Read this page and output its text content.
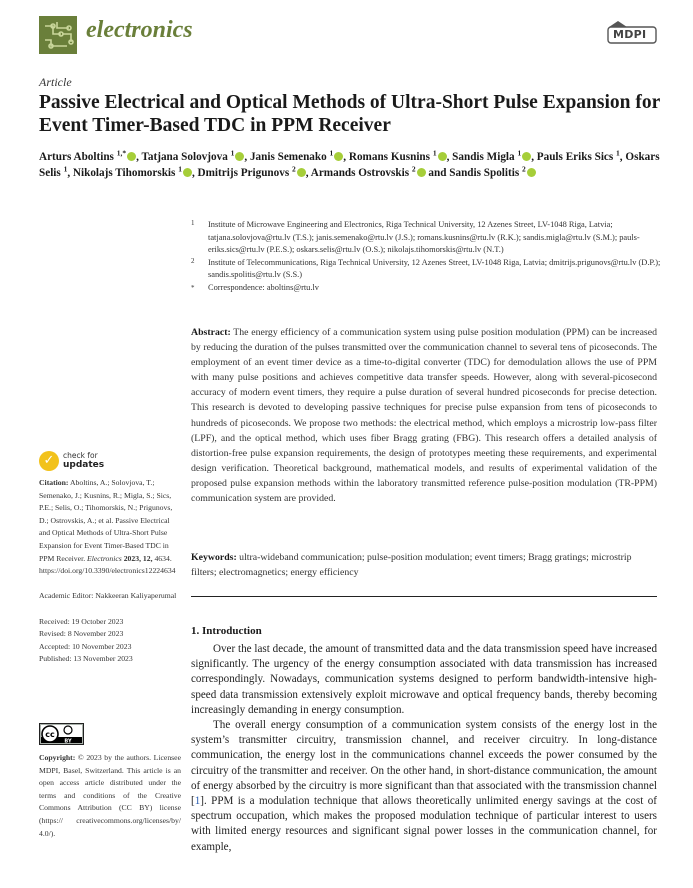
electronics	MDPI
Article
Passive Electrical and Optical Methods of Ultra-Short Pulse Expansion for Event Timer-Based TDC in PPM Receiver
Arturs Aboltins $^{1,*}$ , Tatjana Solovjova $^1$ , Janis Semenako $^1$ , Romans Kusnins $^1$ , Sandis Migla $^1$ , Pauls Eriks Sics $^1$, Oskars Selis $^1$, Nikolajs Tihomorskis $^1$ , Dmitrijs Prigunovs $^2$ , Armands Ostrovskis $^2$ and Sandis Spolitis $^2$
1 Institute of Microwave Engineering and Electronics, Riga Technical University, 12 Azenes Street, LV-1048 Riga, Latvia; tatjana.solovjova@rtu.lv (T.S.); janis.semenako@rtu.lv (J.S.); romans.kusnins@rtu.lv (R.K.); sandis.migla@rtu.lv (S.M.); pauls-eriks.sics@rtu.lv (P.E.S.); oskars.selis@rtu.lv (O.S.); nikolajs.tihomorskis@rtu.lv (N.T.)
2 Institute of Telecommunications, Riga Technical University, 12 Azenes Street, LV-1048 Riga, Latvia; dmitrijs.prigunovs@rtu.lv (D.P.); sandis.spolitis@rtu.lv (S.S.)
* Correspondence: aboltins@rtu.lv
Abstract: The energy efficiency of a communication system using pulse position modulation (PPM) can be increased by reducing the duration of the pulses transmitted over the communication channel to several tens of picoseconds. The employment of an event timer device as a time-to-digital converter (TDC) for demodulation allows the use of PPM with many pulse positions and achieves competitive data transfer speeds. However, along with several-picosecond accuracy of modern event timers, they require a pulse duration of several hundred picoseconds for precise detection. This research is devoted to developing passive techniques for precise pulse expansion from tens of picoseconds to hundreds of picoseconds. We propose two methods: the electrical method, which employs a microstrip low-pass filter (LPF), and the optical method, which uses fiber Bragg grating (FBG). This research offers a detailed analysis of distortion-free pulse expansion requirements, the design of prototypes meeting these requirements, and experimental design verification. Theoretical background, mathematical models, and results of experimental validation of the proposed pulse expansion methods within the laboratory transmitted reference pulse-position modulation (TR-PPM) communication system are provided.
Keywords: ultra-wideband communication; pulse-position modulation; event timers; Bragg gratings; microstrip filters; electromagnetics; energy efficiency
✓	check for
updates

Citation: Aboltins, A.; Solovjova, T.; Semenako, J.; Kusnins, R.; Migla, S.; Sics, P.E.; Selis, O.; Tihomorskis, N.; Prigunovs, D.; Ostrovskis, A.; et al. Passive Electrical and Optical Methods of Ultra-Short Pulse Expansion for Event Timer-Based TDC in PPM Receiver. Electronics 2023, 12, 4634. https://doi.org/10.3390/electronics12224634

Academic Editor: Nakkeeran Kaliyaperumal

Received: 19 October 2023

Revised: 8 November 2023

Accepted: 10 November 2023

Published: 13 November 2023

cc
BY
Copyright: © 2023 by the authors. Licensee MDPI, Basel, Switzerland. This article is an open access article distributed under the terms and conditions of the Creative Commons Attribution (CC BY) license (https:// creativecommons.org/licenses/by/ 4.0/).
1. Introduction

Over the last decade, the amount of transmitted data and the data transmission speed have increased significantly. The urgency of the energy consumption associated with data transmission has increased correspondingly. Nowadays, communication systems designed to perform bandwidth-intensive high-speed data transmission extensively exploit microwave and optical frequency bands, thereby becoming increasingly demanding in energy consumption.

The overall energy consumption of a communication system consists of the energy lost in the system’s transmitter circuitry, transmission channel, and receiver circuitry. In long-distance communication, the energy lost in the communications channel exceeds the power consumed by the circuitry of the transmitter and receiver. On the other hand, in short-distance communication, the amount of energy absorbed by the circuitry is more significant than that associated with the transmission channel [1]. PPM is a modulation technique that allows theoretically unlimited energy savings at the cost of spectrum occupation, which makes the proposed modulation technique of particular interest to users with limited energy resources and significant signal power losses in the communication channel, for example,
